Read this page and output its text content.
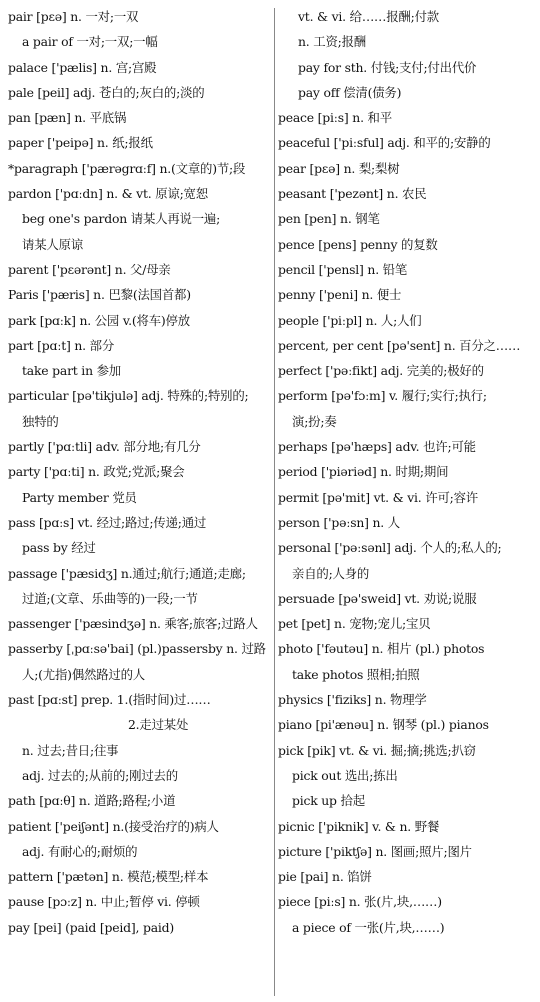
pair [pɛə] n. 一对;一双
a pair of 一对;一双;一幅
palace ['pælis] n. 宫;宫殿
pale [peil] adj. 苍白的;灰白的;淡的
pan [pæn] n. 平底锅
paper ['peipə] n. 纸;报纸
*paragraph ['pærəgrɑːf] n.(文章的)节;段
pardon ['pɑːdn] n. & vt. 原谅;宽恕
beg one's pardon 请某人再说一遍;
请某人原谅
parent ['pɛərənt] n. 父/母亲
Paris ['pæris] n. 巴黎(法国首都)
park [pɑːk] n. 公园 v.(将车)停放
part [pɑːt] n. 部分
take part in 参加
particular [pə'tikjulə] adj. 特殊的;特别的;
独特的
partly ['pɑːtli] adv. 部分地;有几分
party ['pɑːti] n. 政党;党派;聚会
Party member 党员
pass [pɑːs] vt. 经过;路过;传递;通过
pass by 经过
passage ['pæsidʒ] n.通过;航行;通道;走廊;
过道;(文章、乐曲等的)一段;一节
passenger ['pæsindʒə] n. 乘客;旅客;过路人
passerby [ˌpɑːsə'bai] (pl.)passersby n. 过路
人;(尤指)偶然路过的人
past [pɑːst] prep. 1.(指时间)过……
2.走过某处
n. 过去;昔日;往事
adj. 过去的;从前的;刚过去的
path [pɑːθ] n. 道路;路程;小道
patient ['peiʃənt] n.(接受治疗的)病人
adj. 有耐心的;耐烦的
pattern ['pætən] n. 模范;模型;样本
pause [pɔːz] n. 中止;暂停 vi. 停顿
pay [pei] (paid [peid], paid)
vt. & vi. 给……报酬;付款
n. 工资;报酬
pay for sth. 付钱;支付;付出代价
pay off 偿清(债务)
peace [piːs] n. 和平
peaceful ['piːsful] adj. 和平的;安静的
pear [pɛə] n. 梨;梨树
peasant ['pezənt] n. 农民
pen [pen] n. 钢笔
pence [pens] penny 的复数
pencil ['pensl] n. 铅笔
penny ['peni] n. 便士
people ['piːpl] n. 人;人们
percent, per cent [pə'sent] n. 百分之……
perfect ['pəːfikt] adj. 完美的;极好的
perform [pə'fɔːm] v. 履行;实行;执行;
演;扮;奏
perhaps [pə'hæps] adv. 也许;可能
period ['piəriəd] n. 时期;期间
permit [pə'mit] vt. & vi. 许可;容许
person ['pəːsn] n. 人
personal ['pəːsənl] adj. 个人的;私人的;
亲自的;人身的
persuade [pə'sweid] vt. 劝说;说服
pet [pet] n. 宠物;宠儿;宝贝
photo ['fəutəu] n. 相片 (pl.) photos
take photos 照相;拍照
physics ['fiziks] n. 物理学
piano [pi'ænəu] n. 钢琴 (pl.) pianos
pick [pik] vt. & vi. 掘;摘;挑选;扒窃
pick out 选出;拣出
pick up 拾起
picnic ['piknik] v. & n. 野餐
picture ['piktʃə] n. 图画;照片;图片
pie [pai] n. 馅饼
piece [piːs] n. 张(片,块,……)
a piece of 一张(片,块,……)
